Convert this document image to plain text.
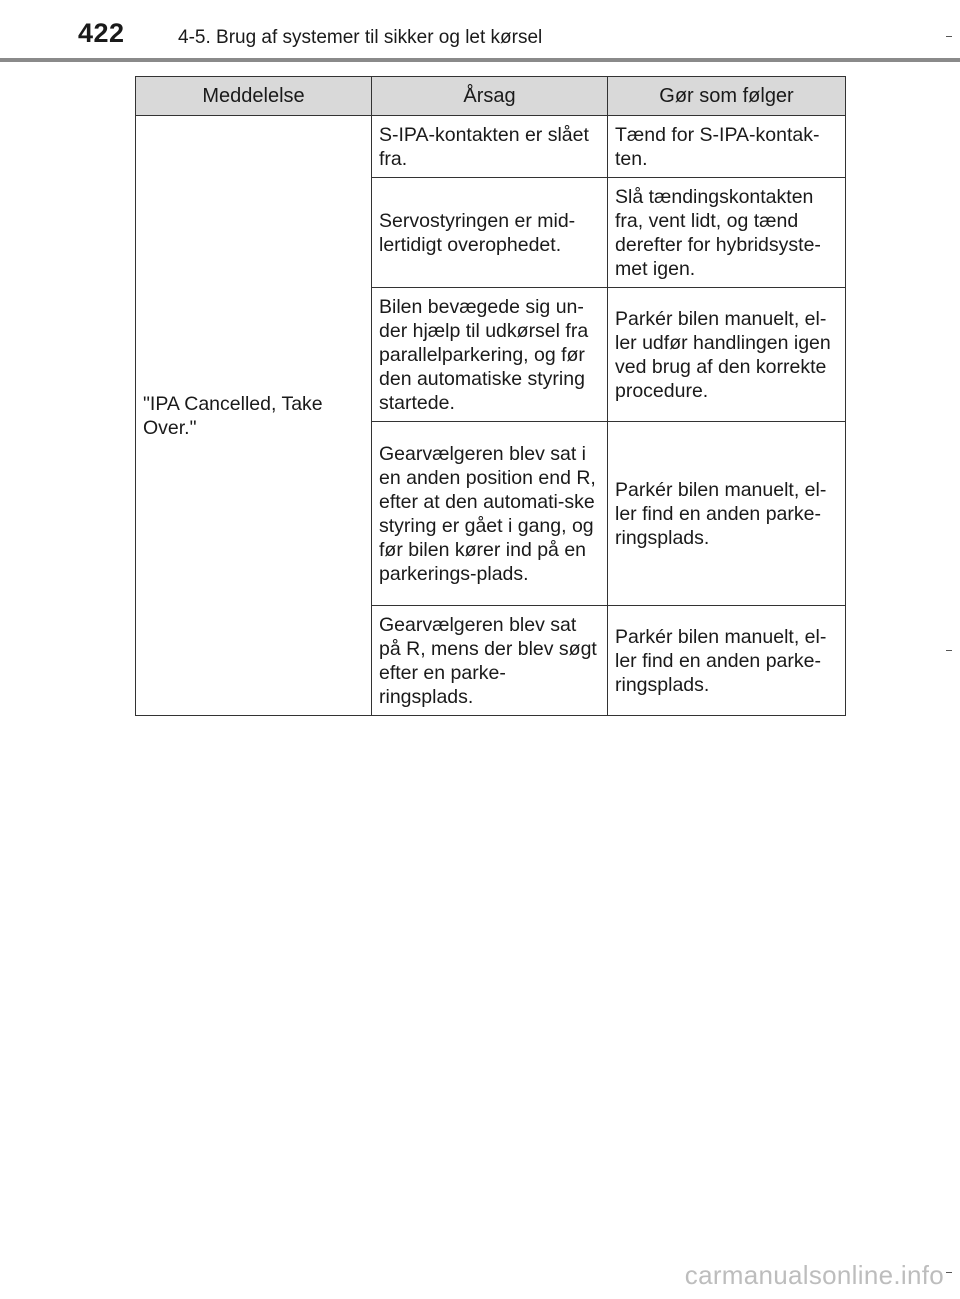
422	4-5. Brug af systemer til sikker og let kørsel
Meddelelse	Årsag	Gør som følger
"IPA Cancelled, Take Over."	S-IPA-kontakten er slået fra.	Tænd for S-IPA-kontak-ten.
	Servostyringen er mid-lertidigt overophedet.	Slå tændingskontakten fra, vent lidt, og tænd derefter for hybridsyste-met igen.
	Bilen bevægede sig un-der hjælp til udkørsel fra parallelparkering, og før den automatiske styring startede.	Parkér bilen manuelt, el-ler udfør handlingen igen ved brug af den korrekte procedure.
	Gearvælgeren blev sat i en anden position end R, efter at den automati-ske styring er gået i gang, og før bilen kører ind på en parkerings-plads.	Parkér bilen manuelt, el-ler find en anden parke-ringsplads.
	Gearvælgeren blev sat på R, mens der blev søgt efter en parke-ringsplads.	Parkér bilen manuelt, el-ler find en anden parke-ringsplads.
carmanualsonline.info
